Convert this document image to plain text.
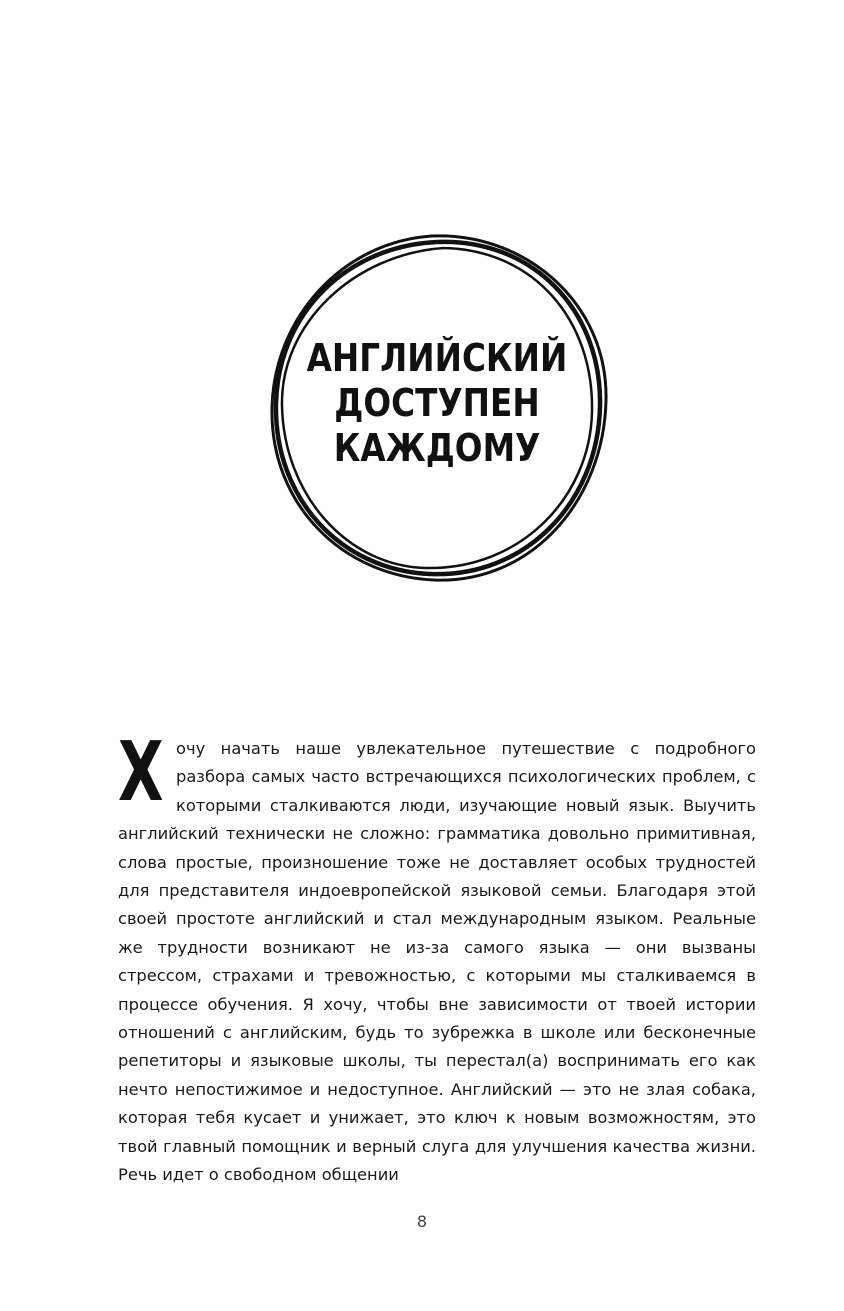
АНГЛИЙСКИЙ
ДОСТУПЕН
КАЖДОМУ

Хочу начать наше увлекательное путешествие с подробного разбора самых часто встречающихся психологических проблем, с которыми сталкиваются люди, изучающие новый язык. Выучить английский технически не сложно: грамматика довольно примитивная, слова простые, произношение тоже не доставляет особых трудностей для представителя индоевропейской языковой семьи. Благодаря этой своей простоте английский и стал международным языком. Реальные же трудности возникают не из-за самого языка — они вызваны стрессом, страхами и тревожностью, с которыми мы сталкиваемся в процессе обучения. Я хочу, чтобы вне зависимости от твоей истории отношений с английским, будь то зубрежка в школе или бесконечные репетиторы и языковые школы, ты перестал(а) воспринимать его как нечто непостижимое и недоступное. Английский — это не злая собака, которая тебя кусает и унижает, это ключ к новым возможностям, это твой главный помощник и верный слуга для улучшения качества жизни. Речь идет о свободном общении

8
